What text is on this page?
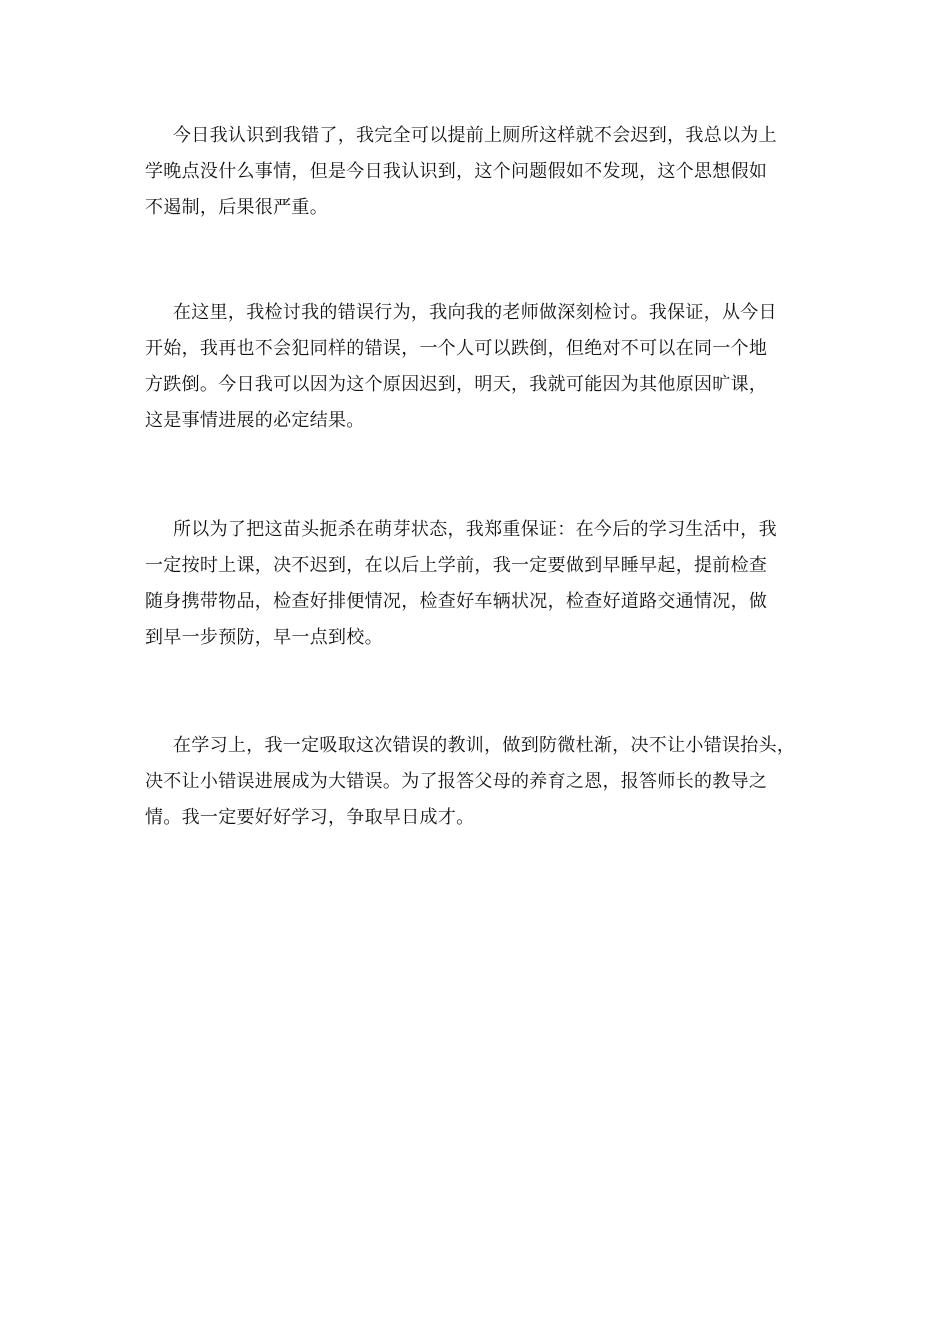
今日我认识到我错了，我完全可以提前上厕所这样就不会迟到，我总以为上
学晚点没什么事情，但是今日我认识到，这个问题假如不发现，这个思想假如
不遏制，后果很严重。

在这里，我检讨我的错误行为，我向我的老师做深刻检讨。我保证，从今日
开始，我再也不会犯同样的错误，一个人可以跌倒，但绝对不可以在同一个地
方跌倒。今日我可以因为这个原因迟到，明天，我就可能因为其他原因旷课，
这是事情进展的必定结果。

所以为了把这苗头扼杀在萌芽状态，我郑重保证：在今后的学习生活中，我
一定按时上课，决不迟到，在以后上学前，我一定要做到早睡早起，提前检查
随身携带物品，检查好排便情况，检查好车辆状况，检查好道路交通情况，做
到早一步预防，早一点到校。

在学习上，我一定吸取这次错误的教训，做到防微杜渐，决不让小错误抬头，
决不让小错误进展成为大错误。为了报答父母的养育之恩，报答师长的教导之
情。我一定要好好学习，争取早日成才。
